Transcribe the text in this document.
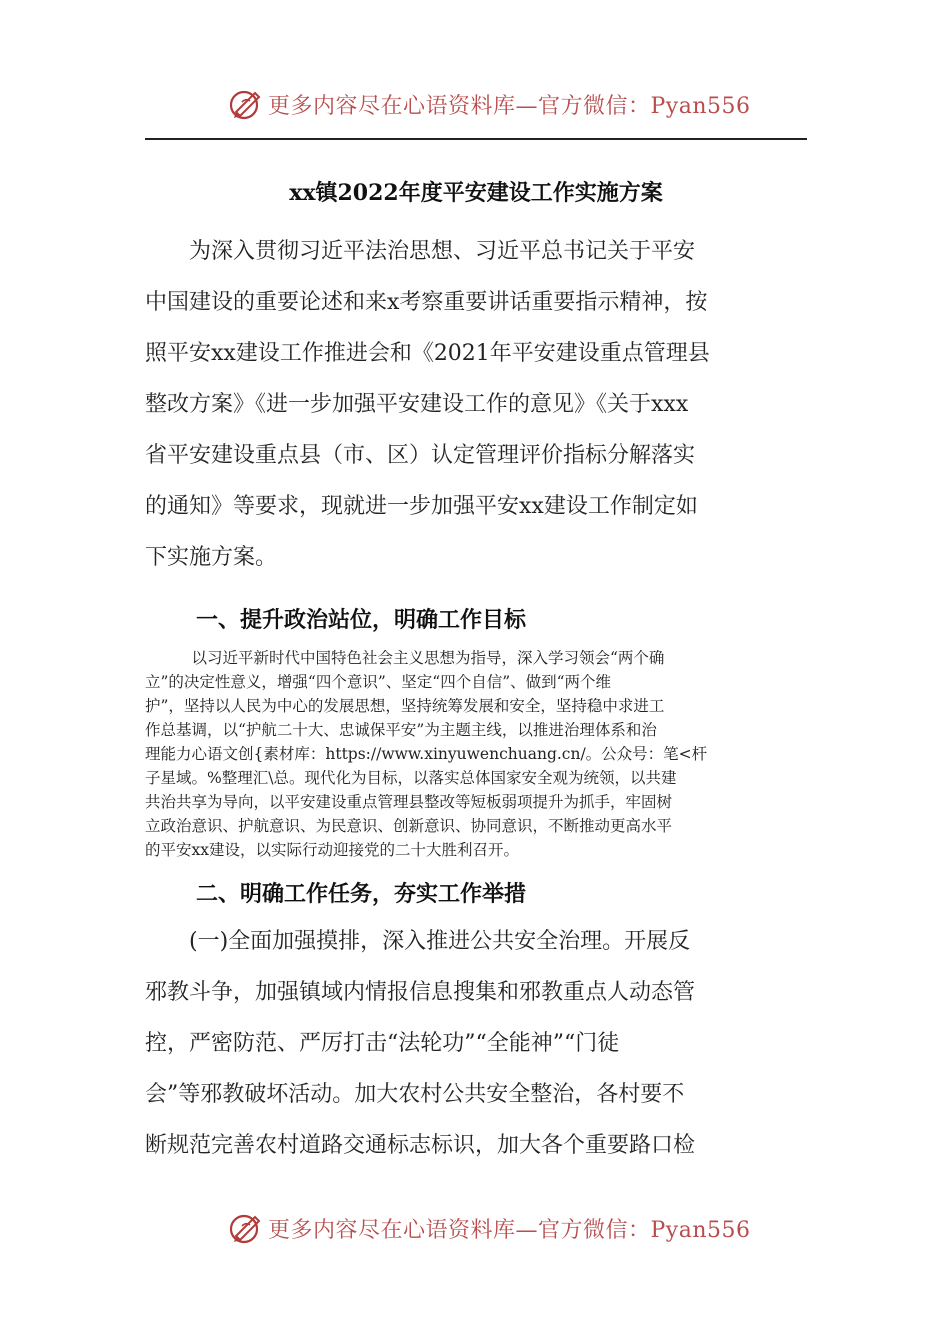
更多内容尽在心语资料库—官方微信：Pyan556
xx镇2022年度平安建设工作实施方案
　　为深入贯彻习近平法治思想、习近平总书记关于平安
中国建设的重要论述和来x考察重要讲话重要指示精神，按
照平安xx建设工作推进会和《2021年平安建设重点管理县
整改方案》《进一步加强平安建设工作的意见》《关于xxx
省平安建设重点县（市、区）认定管理评价指标分解落实
的通知》等要求，现就进一步加强平安xx建设工作制定如
下实施方案。
一、提升政治站位，明确工作目标
　　　以习近平新时代中国特色社会主义思想为指导，深入学习领会“两个确
立”的决定性意义，增强“四个意识”、坚定“四个自信”、做到“两个维
护”，坚持以人民为中心的发展思想，坚持统筹发展和安全，坚持稳中求进工
作总基调，以“护航二十大、忠诚保平安”为主题主线，以推进治理体系和治
理能力心语文创{素材库：https://www.xinyuwenchuang.cn/。公众号：笔<杆
子星域。%整理汇\总。现代化为目标，以落实总体国家安全观为统领，以共建
共治共享为导向，以平安建设重点管理县整改等短板弱项提升为抓手，牢固树
立政治意识、护航意识、为民意识、创新意识、协同意识，不断推动更高水平
的平安xx建设，以实际行动迎接党的二十大胜利召开。
二、明确工作任务，夯实工作举措
　　(一)全面加强摸排，深入推进公共安全治理。开展反
邪教斗争，加强镇域内情报信息搜集和邪教重点人动态管
控，严密防范、严厉打击“法轮功”“全能神”“门徒
会”等邪教破坏活动。加大农村公共安全整治，各村要不
断规范完善农村道路交通标志标识，加大各个重要路口检
更多内容尽在心语资料库—官方微信：Pyan556
